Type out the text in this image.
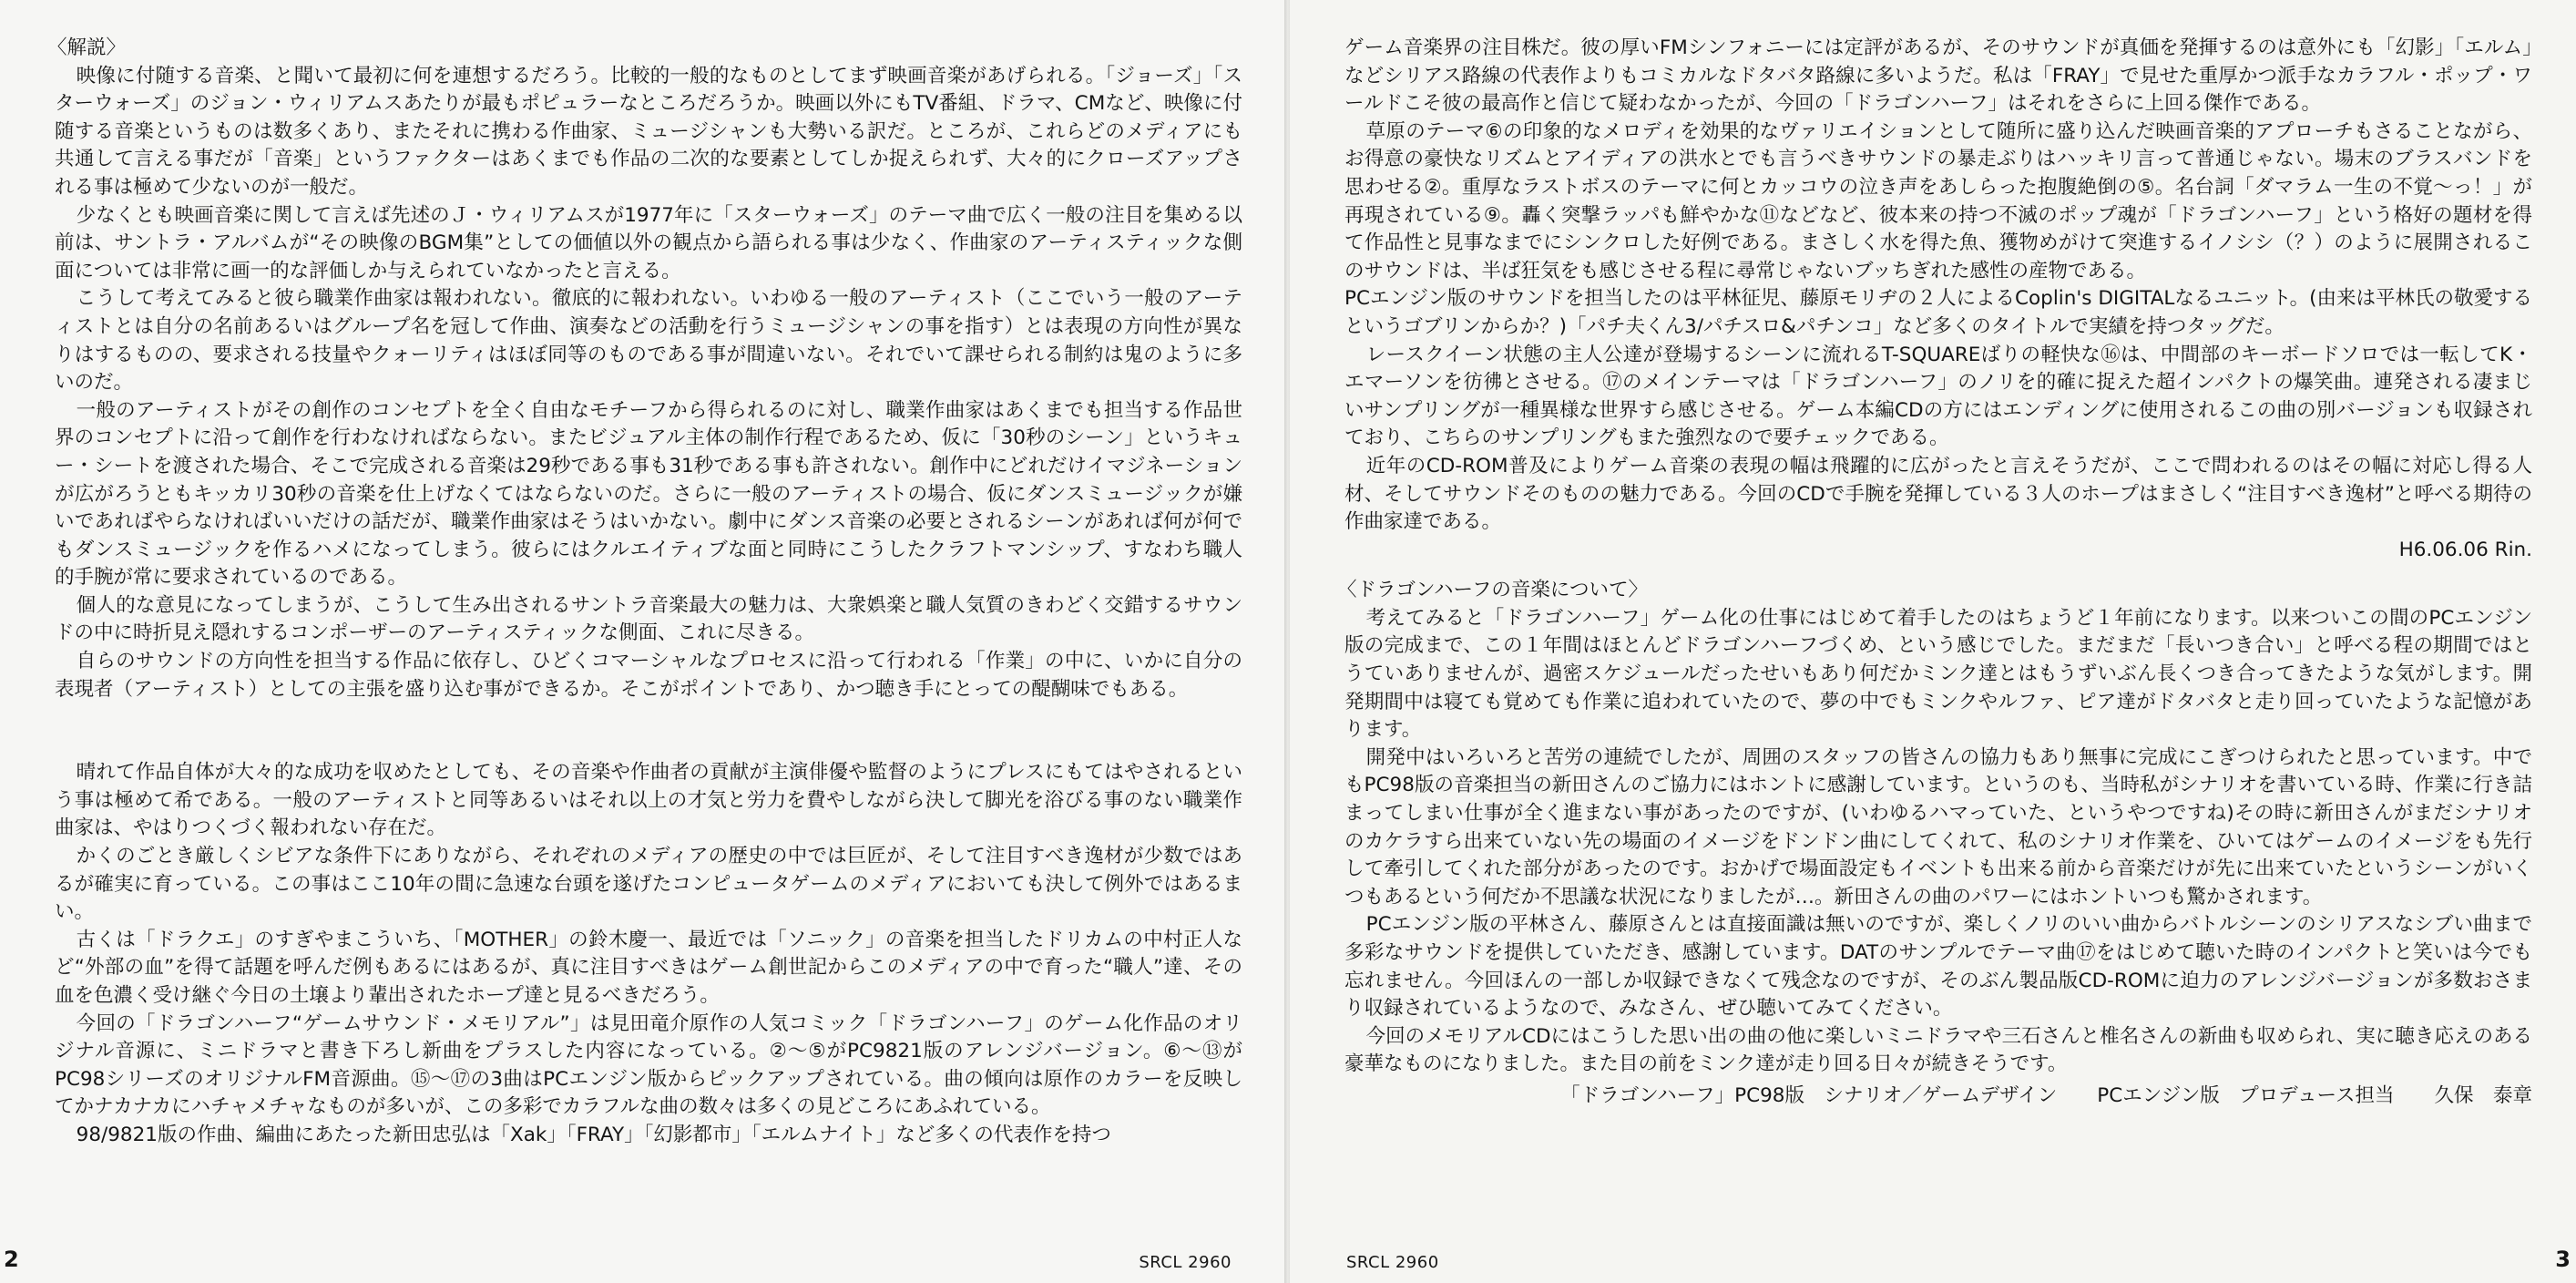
〈解説〉

映像に付随する音楽、と聞いて最初に何を連想するだろう。比較的一般的なものとしてまず映画音楽があげられる。「ジョーズ」「スターウォーズ」のジョン・ウィリアムスあたりが最もポピュラーなところだろうか。映画以外にもTV番組、ドラマ、CMなど、映像に付随する音楽というものは数多くあり、またそれに携わる作曲家、ミュージシャンも大勢いる訳だ。ところが、これらどのメディアにも共通して言える事だが「音楽」というファクターはあくまでも作品の二次的な要素としてしか捉えられず、大々的にクローズアップされる事は極めて少ないのが一般だ。

少なくとも映画音楽に関して言えば先述のＪ・ウィリアムスが1977年に「スターウォーズ」のテーマ曲で広く一般の注目を集める以前は、サントラ・アルバムが“その映像のBGM集”としての価値以外の観点から語られる事は少なく、作曲家のアーティスティックな側面については非常に画一的な評価しか与えられていなかったと言える。

こうして考えてみると彼ら職業作曲家は報われない。徹底的に報われない。いわゆる一般のアーティスト（ここでいう一般のアーティストとは自分の名前あるいはグループ名を冠して作曲、演奏などの活動を行うミュージシャンの事を指す）とは表現の方向性が異なりはするものの、要求される技量やクォーリティはほぼ同等のものである事が間違いない。それでいて課せられる制約は鬼のように多いのだ。

一般のアーティストがその創作のコンセプトを全く自由なモチーフから得られるのに対し、職業作曲家はあくまでも担当する作品世界のコンセプトに沿って創作を行わなければならない。またビジュアル主体の制作行程であるため、仮に「30秒のシーン」というキュー・シートを渡された場合、そこで完成される音楽は29秒である事も31秒である事も許されない。創作中にどれだけイマジネーションが広がろうともキッカリ30秒の音楽を仕上げなくてはならないのだ。さらに一般のアーティストの場合、仮にダンスミュージックが嫌いであればやらなければいいだけの話だが、職業作曲家はそうはいかない。劇中にダンス音楽の必要とされるシーンがあれば何が何でもダンスミュージックを作るハメになってしまう。彼らにはクルエイティブな面と同時にこうしたクラフトマンシップ、すなわち職人的手腕が常に要求されているのである。

個人的な意見になってしまうが、こうして生み出されるサントラ音楽最大の魅力は、大衆娯楽と職人気質のきわどく交錯するサウンドの中に時折見え隠れするコンポーザーのアーティスティックな側面、これに尽きる。

自らのサウンドの方向性を担当する作品に依存し、ひどくコマーシャルなプロセスに沿って行われる「作業」の中に、いかに自分の表現者（アーティスト）としての主張を盛り込む事ができるか。そこがポイントであり、かつ聴き手にとっての醍醐味でもある。

晴れて作品自体が大々的な成功を収めたとしても、その音楽や作曲者の貢献が主演俳優や監督のようにプレスにもてはやされるという事は極めて希である。一般のアーティストと同等あるいはそれ以上の才気と労力を費やしながら決して脚光を浴びる事のない職業作曲家は、やはりつくづく報われない存在だ。

かくのごとき厳しくシビアな条件下にありながら、それぞれのメディアの歴史の中では巨匠が、そして注目すべき逸材が少数ではあるが確実に育っている。この事はここ10年の間に急速な台頭を遂げたコンピュータゲームのメディアにおいても決して例外ではあるまい。

古くは「ドラクエ」のすぎやまこういち、「MOTHER」の鈴木慶一、最近では「ソニック」の音楽を担当したドリカムの中村正人など“外部の血”を得て話題を呼んだ例もあるにはあるが、真に注目すべきはゲーム創世記からこのメディアの中で育った“職人”達、その血を色濃く受け継ぐ今日の土壌より輩出されたホープ達と見るべきだろう。

今回の「ドラゴンハーフ“ゲームサウンド・メモリアル”」は見田竜介原作の人気コミック「ドラゴンハーフ」のゲーム化作品のオリジナル音源に、ミニドラマと書き下ろし新曲をプラスした内容になっている。②～⑤がPC9821版のアレンジバージョン。⑥～⑬がPC98シリーズのオリジナルFM音源曲。⑮～⑰の3曲はPCエンジン版からピックアップされている。曲の傾向は原作のカラーを反映してかナカナカにハチャメチャなものが多いが、この多彩でカラフルな曲の数々は多くの見どころにあふれている。

98/9821版の作曲、編曲にあたった新田忠弘は「Xak」「FRAY」「幻影都市」「エルムナイト」など多くの代表作を持つ

2	SRCL 2960

ゲーム音楽界の注目株だ。彼の厚いFMシンフォニーには定評があるが、そのサウンドが真価を発揮するのは意外にも「幻影」「エルム」などシリアス路線の代表作よりもコミカルなドタバタ路線に多いようだ。私は「FRAY」で見せた重厚かつ派手なカラフル・ポップ・ワールドこそ彼の最高作と信じて疑わなかったが、今回の「ドラゴンハーフ」はそれをさらに上回る傑作である。

草原のテーマ⑥の印象的なメロディを効果的なヴァリエイションとして随所に盛り込んだ映画音楽的アプローチもさることながら、お得意の豪快なリズムとアイディアの洪水とでも言うべきサウンドの暴走ぶりはハッキリ言って普通じゃない。場末のブラスバンドを思わせる②。重厚なラストボスのテーマに何とカッコウの泣き声をあしらった抱腹絶倒の⑤。名台詞「ダマラム一生の不覚～っ！」が再現されている⑨。轟く突撃ラッパも鮮やかな⑪などなど、彼本来の持つ不滅のポップ魂が「ドラゴンハーフ」という格好の題材を得て作品性と見事なまでにシンクロした好例である。まさしく水を得た魚、獲物めがけて突進するイノシシ（？）のように展開されるこのサウンドは、半ば狂気をも感じさせる程に尋常じゃないブッちぎれた感性の産物である。

PCエンジン版のサウンドを担当したのは平林征児、藤原モリヂの２人によるCoplin's DIGITALなるユニット。(由来は平林氏の敬愛するというゴブリンからか？)「パチ夫くん3/パチスロ&パチンコ」など多くのタイトルで実績を持つタッグだ。

レースクイーン状態の主人公達が登場するシーンに流れるT-SQUAREばりの軽快な⑯は、中間部のキーボードソロでは一転してK・エマーソンを彷彿とさせる。⑰のメインテーマは「ドラゴンハーフ」のノリを的確に捉えた超インパクトの爆笑曲。連発される凄まじいサンプリングが一種異様な世界すら感じさせる。ゲーム本編CDの方にはエンディングに使用されるこの曲の別バージョンも収録されており、こちらのサンプリングもまた強烈なので要チェックである。

近年のCD-ROM普及によりゲーム音楽の表現の幅は飛躍的に広がったと言えそうだが、ここで問われるのはその幅に対応し得る人材、そしてサウンドそのものの魅力である。今回のCDで手腕を発揮している３人のホープはまさしく“注目すべき逸材”と呼べる期待の作曲家達である。

H6.06.06 Rin.
〈ドラゴンハーフの音楽について〉

考えてみると「ドラゴンハーフ」ゲーム化の仕事にはじめて着手したのはちょうど１年前になります。以来ついこの間のPCエンジン版の完成まで、この１年間はほとんどドラゴンハーフづくめ、という感じでした。まだまだ「長いつき合い」と呼べる程の期間ではとうていありませんが、過密スケジュールだったせいもあり何だかミンク達とはもうずいぶん長くつき合ってきたような気がします。開発期間中は寝ても覚めても作業に追われていたので、夢の中でもミンクやルファ、ピア達がドタバタと走り回っていたような記憶があります。

開発中はいろいろと苦労の連続でしたが、周囲のスタッフの皆さんの協力もあり無事に完成にこぎつけられたと思っています。中でもPC98版の音楽担当の新田さんのご協力にはホントに感謝しています。というのも、当時私がシナリオを書いている時、作業に行き詰まってしまい仕事が全く進まない事があったのですが、(いわゆるハマっていた、というやつですね)その時に新田さんがまだシナリオのカケラすら出来ていない先の場面のイメージをドンドン曲にしてくれて、私のシナリオ作業を、ひいてはゲームのイメージをも先行して牽引してくれた部分があったのです。おかげで場面設定もイベントも出来る前から音楽だけが先に出来ていたというシーンがいくつもあるという何だか不思議な状況になりましたが…。新田さんの曲のパワーにはホントいつも驚かされます。

PCエンジン版の平林さん、藤原さんとは直接面識は無いのですが、楽しくノリのいい曲からバトルシーンのシリアスなシブい曲まで多彩なサウンドを提供していただき、感謝しています。DATのサンプルでテーマ曲⑰をはじめて聴いた時のインパクトと笑いは今でも忘れません。今回ほんの一部しか収録できなくて残念なのですが、そのぶん製品版CD-ROMに迫力のアレンジバージョンが多数おさまり収録されているようなので、みなさん、ぜひ聴いてみてください。

今回のメモリアルCDにはこうした思い出の曲の他に楽しいミニドラマや三石さんと椎名さんの新曲も収められ、実に聴き応えのある豪華なものになりました。また目の前をミンク達が走り回る日々が続きそうです。

「ドラゴンハーフ」PC98版　シナリオ／ゲームデザイン PCエンジン版　プロデュース担当 久保　泰章
SRCL 2960	3
